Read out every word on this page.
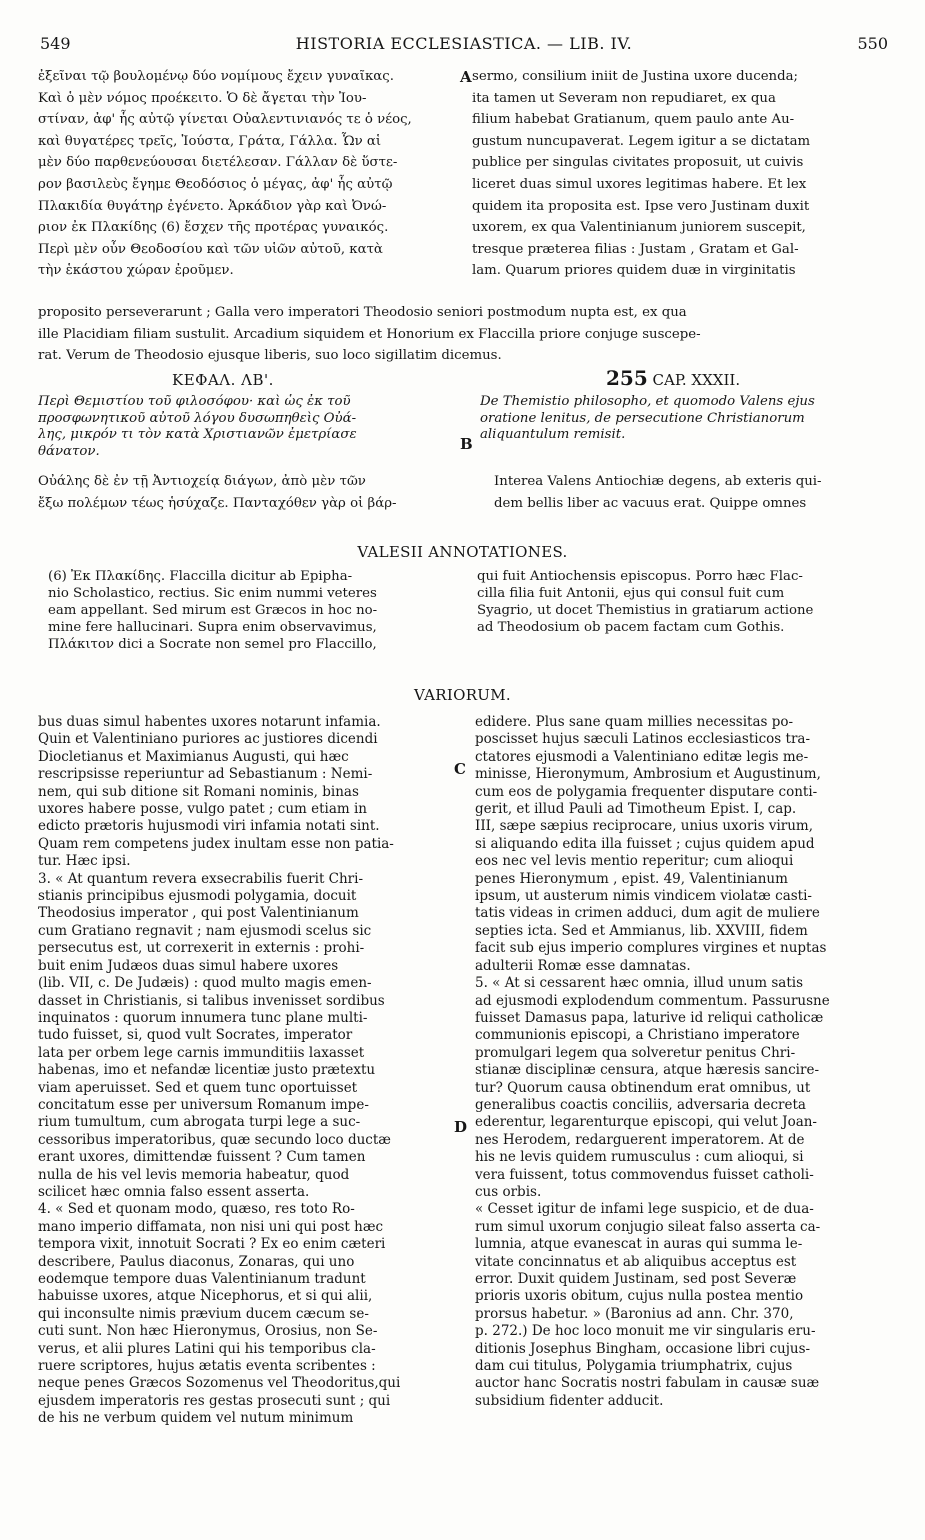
549	HISTORIA ECCLESIASTICA. — LIB. IV.	550
ἐξεῖναι τῷ βουλομένῳ δύο νομίμους ἔχειν γυναῖκας.
Καὶ ὁ μὲν νόμος προέκειτο. Ὁ δὲ ἄγεται τὴν Ἰου-
στίναν, ἀφ' ἧς αὐτῷ γίνεται Οὐαλεντινιανός τε ὁ νέος,
καὶ θυγατέρες τρεῖς, Ἰούστα, Γράτα, Γάλλα. Ὧν αἱ
μὲν δύο παρθενεύουσαι διετέλεσαν. Γάλλαν δὲ ὕστε-
ρον βασιλεὺς ἔγημε Θεοδόσιος ὁ μέγας, ἀφ' ἧς αὐτῷ
Πλακιδία θυγάτηρ ἐγένετο. Ἀρκάδιον γὰρ καὶ Ὀνώ-
ριον ἐκ Πλακίδης (6) ἔσχεν τῆς προτέρας γυναικός.
Περὶ μὲν οὖν Θεοδοσίου καὶ τῶν υἱῶν αὐτοῦ, κατὰ
τὴν ἑκάστου χώραν ἐροῦμεν.
A sermo, consilium iniit de Justina uxore ducenda;
ita tamen ut Severam non repudiaret, ex qua
filium habebat Gratianum, quem paulo ante Au-
gustum nuncupaverat. Legem igitur a se dictatam
publice per singulas civitates proposuit, ut cuivis
liceret duas simul uxores legitimas habere. Et lex
quidem ita proposita est. Ipse vero Justinam duxit
uxorem, ex qua Valentinianum juniorem suscepit,
tresque præterea filias : Justam , Gratam et Gal-
lam. Quarum priores quidem duæ in virginitatis
proposito perseverarunt ; Galla vero imperatori Theodosio seniori postmodum nupta est, ex qua
ille Placidiam filiam sustulit. Arcadium siquidem et Honorium ex Flaccilla priore conjuge suscepe-
rat. Verum de Theodosio ejusque liberis, suo loco sigillatim dicemus.
ΚΕΦΑΛ. ΛΒ'.	255 CAP. XXXII.
Περὶ Θεμιστίου τοῦ φιλοσόφου· καὶ ὡς ἐκ τοῦ
προσφωνητικοῦ αὐτοῦ λόγου δυσωπηθεὶς Οὐά-
λης, μικρόν τι τὸν κατὰ Χριστιανῶν ἐμετρίασε
θάνατον.	B
De Themistio philosopho, et quomodo Valens ejus
oratione lenitus, de persecutione Christianorum
aliquantulum remisit.
Οὐάλης δὲ ἐν τῇ Ἀντιοχείᾳ διάγων, ἀπὸ μὲν τῶν
ἔξω πολέμων τέως ἡσύχαζε. Πανταχόθεν γὰρ οἱ βάρ-
Interea Valens Antiochiæ degens, ab exteris qui-
dem bellis liber ac vacuus erat. Quippe omnes
VALESII ANNOTATIONES.
(6) Ἐκ Πλακίδης. Flaccilla dicitur ab Epipha-
nio Scholastico, rectius. Sic enim nummi veteres
eam appellant. Sed mirum est Græcos in hoc no-
mine fere hallucinari. Supra enim observavimus,
Πλάκιτον dici a Socrate non semel pro Flaccillo,
qui fuit Antiochensis episcopus. Porro hæc Flac-
cilla filia fuit Antonii, ejus qui consul fuit cum
Syagrio, ut docet Themistius in gratiarum actione
ad Theodosium ob pacem factam cum Gothis.
VARIORUM.
bus duas simul habentes uxores notarunt infamia.
Quin et Valentiniano puriores ac justiores dicendi
Diocletianus et Maximianus Augusti, qui hæc
rescripsisse reperiuntur ad Sebastianum : Nemi-
nem, qui sub ditione sit Romani nominis, binas
uxores habere posse, vulgo patet ; cum etiam in
edicto prætoris hujusmodi viri infamia notati sint.
Quam rem competens judex inultam esse non patia-
tur. Hæc ipsi.
3. « At quantum revera exsecrabilis fuerit Chri-
stianis principibus ejusmodi polygamia, docuit
Theodosius imperator , qui post Valentinianum
cum Gratiano regnavit ; nam ejusmodi scelus sic
persecutus est, ut correxerit in externis : prohi-
buit enim Judæos duas simul habere uxores
(lib. VII, c. De Judæis) : quod multo magis emen-
dasset in Christianis, si talibus invenisset sordibus
inquinatos : quorum innumera tunc plane multi-
tudo fuisset, si, quod vult Socrates, imperator
lata per orbem lege carnis immunditiis laxasset
habenas, imo et nefandæ licentiæ justo prætextu
viam aperuisset. Sed et quem tunc oportuisset
concitatum esse per universum Romanum impe-
rium tumultum, cum abrogata turpi lege a suc-
cessoribus imperatoribus, quæ secundo loco ductæ
erant uxores, dimittendæ fuissent ? Cum tamen
nulla de his vel levis memoria habeatur, quod
scilicet hæc omnia falso essent asserta.
4. « Sed et quonam modo, quæso, res toto Ro-
mano imperio diffamata, non nisi uni qui post hæc
tempora vixit, innotuit Socrati ? Ex eo enim cæteri
describere, Paulus diaconus, Zonaras, qui uno
eodemque tempore duas Valentinianum tradunt
habuisse uxores, atque Nicephorus, et si qui alii,
qui inconsulte nimis prævium ducem cæcum se-
cuti sunt. Non hæc Hieronymus, Orosius, non Se-
verus, et alii plures Latini qui his temporibus cla-
ruere scriptores, hujus ætatis eventa scribentes :
neque penes Græcos Sozomenus vel Theodoritus,qui
ejusdem imperatoris res gestas prosecuti sunt ; qui
de his ne verbum quidem vel nutum minimum
C
D
edidere. Plus sane quam millies necessitas po-
poscisset hujus sæculi Latinos ecclesiasticos tra-
ctatores ejusmodi a Valentiniano editæ legis me-
minisse, Hieronymum, Ambrosium et Augustinum,
cum eos de polygamia frequenter disputare conti-
gerit, et illud Pauli ad Timotheum Epist. I, cap.
III, sæpe sæpius reciprocare, unius uxoris virum,
si aliquando edita illa fuisset ; cujus quidem apud
eos nec vel levis mentio reperitur; cum alioqui
penes Hieronymum , epist. 49, Valentinianum
ipsum, ut austerum nimis vindicem violatæ casti-
tatis videas in crimen adduci, dum agit de muliere
septies icta. Sed et Ammianus, lib. XXVIII, fidem
facit sub ejus imperio complures virgines et nuptas
adulterii Romæ esse damnatas.
5. « At si cessarent hæc omnia, illud unum satis
ad ejusmodi explodendum commentum. Passurusne
fuisset Damasus papa, laturive id reliqui catholicæ
communionis episcopi, a Christiano imperatore
promulgari legem qua solveretur penitus Chri-
stianæ disciplinæ censura, atque hæresis sancire-
tur? Quorum causa obtinendum erat omnibus, ut
generalibus coactis conciliis, adversaria decreta
ederentur, legarenturque episcopi, qui velut Joan-
nes Herodem, redarguerent imperatorem. At de
his ne levis quidem rumusculus : cum alioqui, si
vera fuissent, totus commovendus fuisset catholi-
cus orbis.
« Cesset igitur de infami lege suspicio, et de dua-
rum simul uxorum conjugio sileat falso asserta ca-
lumnia, atque evanescat in auras qui summa le-
vitate concinnatus et ab aliquibus acceptus est
error. Duxit quidem Justinam, sed post Severæ
prioris uxoris obitum, cujus nulla postea mentio
prorsus habetur. » (Baronius ad ann. Chr. 370,
p. 272.) De hoc loco monuit me vir singularis eru-
ditionis Josephus Bingham, occasione libri cujus-
dam cui titulus, Polygamia triumphatrix, cujus
auctor hanc Socratis nostri fabulam in causæ suæ
subsidium fidenter adducit.
